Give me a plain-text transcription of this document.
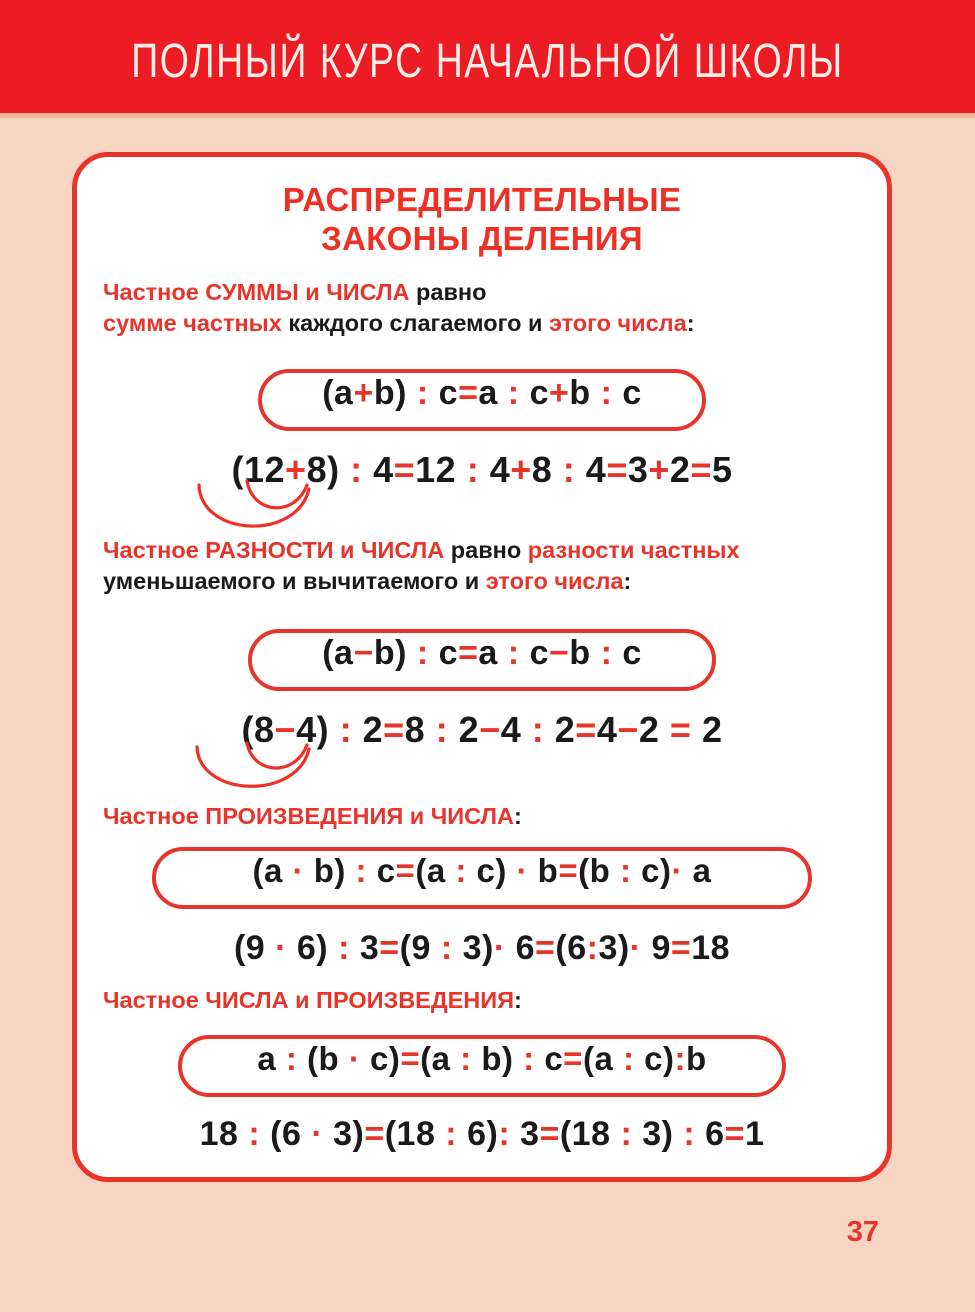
ПОЛНЫЙ КУРС НАЧАЛЬНОЙ ШКОЛЫ
РАСПРЕДЕЛИТЕЛЬНЫЕ
ЗАКОНЫ ДЕЛЕНИЯ
Частное СУММЫ и ЧИСЛА равно
сумме частных каждого слагаемого и этого числа:
(a+b) : c=a : c+b : c
(12+8) : 4=12 : 4+8 : 4=3+2=5
Частное РАЗНОСТИ и ЧИСЛА равно разности частных
уменьшаемого и вычитаемого и этого числа:
(a−b) : c=a : c−b : c
(8−4) : 2=8 : 2−4 : 2=4−2 = 2
Частное ПРОИЗВЕДЕНИЯ и ЧИСЛА:
(a · b) : c=(a : c) · b=(b : c)· a
(9 · 6) : 3=(9 : 3)· 6=(6:3)· 9=18
Частное ЧИСЛА и ПРОИЗВЕДЕНИЯ:
a : (b · c)=(a : b) : c=(a : c):b
18 : (6 · 3)=(18 : 6): 3=(18 : 3) : 6=1
37
